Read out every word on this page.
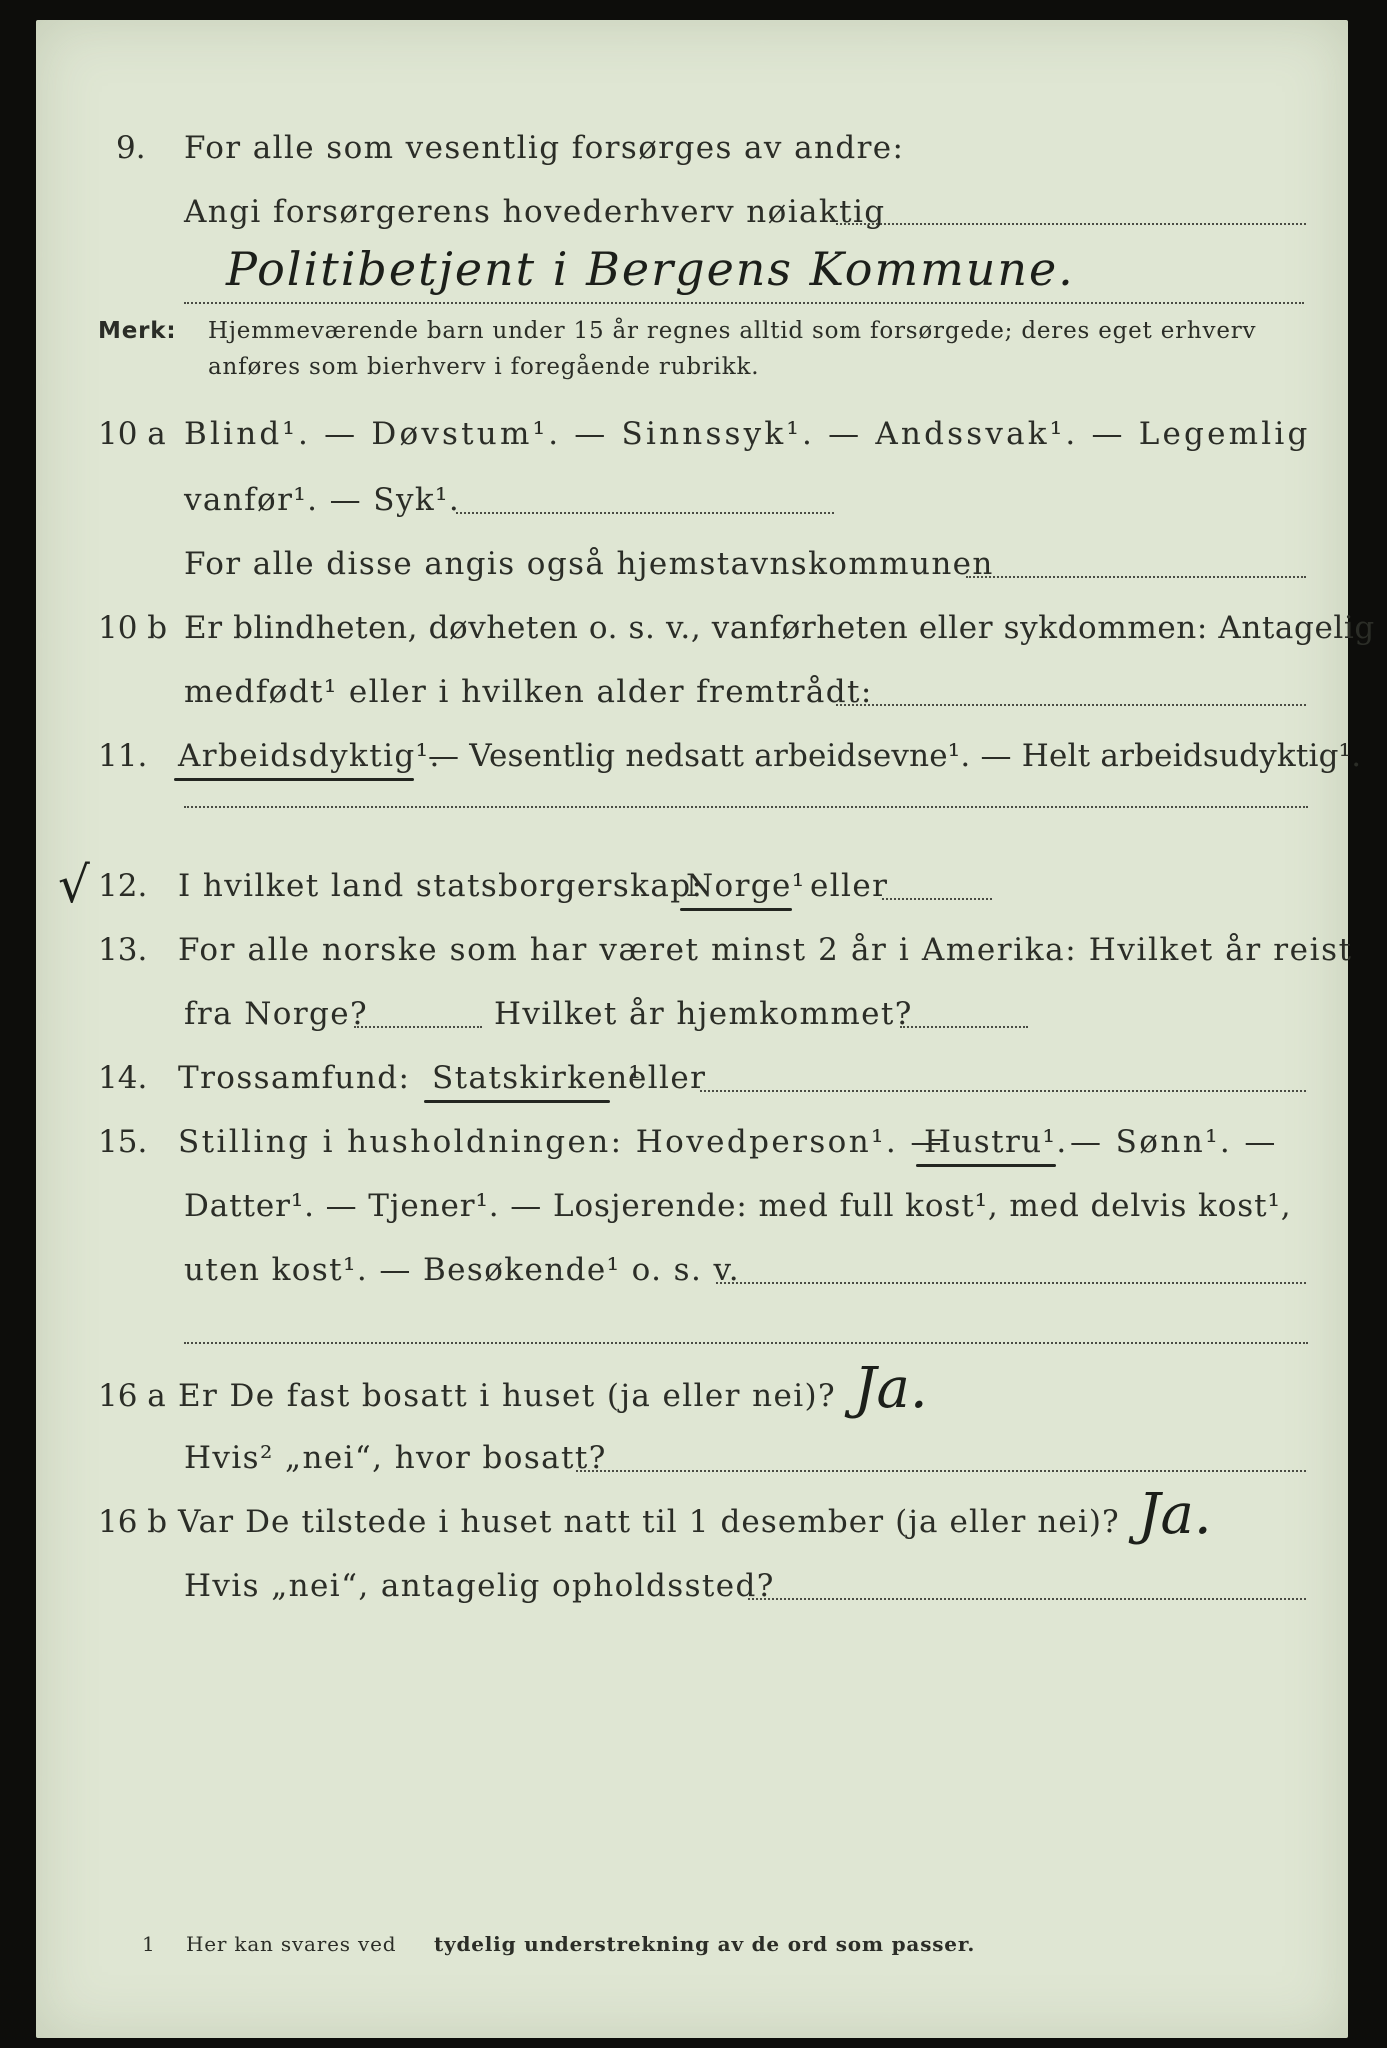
9. For alle som vesentlig forsørges av andre:
Angi forsørgerens hovederhverv nøiaktig
Politibetjent i Bergens Kommune.
Merk: Hjemmeværende barn under 15 år regnes alltid som forsørgede; deres eget erhverv
anføres som bierhverv i foregående rubrikk.
10 a Blind¹. — Døvstum¹. — Sinnssyk¹. — Andssvak¹. — Legemlig
vanfør¹. — Syk¹.
For alle disse angis også hjemstavnskommunen
10 b Er blindheten, døvheten o. s. v., vanførheten eller sykdommen: Antagelig
medfødt¹ eller i hvilken alder fremtrådt:
11. Arbeidsdyktig¹.
— Vesentlig nedsatt arbeidsevne¹. — Helt arbeidsudyktig¹.
√ 12. I hvilket land statsborgerskap:
Norge¹ eller
13. For alle norske som har været minst 2 år i Amerika: Hvilket år reist
fra Norge?	Hvilket år hjemkommet?
14. Trossamfund: Statskirken¹
eller
15. Stilling i husholdningen: Hovedperson¹. —
Hustru¹. — Sønn¹. —
Datter¹. — Tjener¹. — Losjerende: med full kost¹, med delvis kost¹,
uten kost¹. — Besøkende¹ o. s. v.
16 a Er De fast bosatt i huset (ja eller nei)? Ja.
Hvis² „nei“, hvor bosatt?
16 b Var De tilstede i huset natt til 1 desember (ja eller nei)? Ja.
Hvis „nei“, antagelig opholdssted?
1 Her kan svares ved tydelig understrekning av de ord som passer.
